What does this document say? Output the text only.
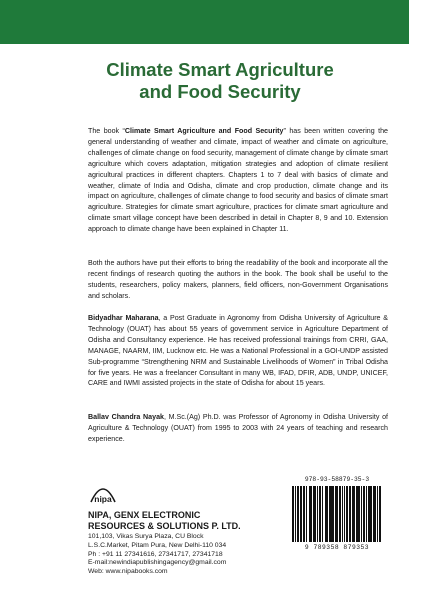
Climate Smart Agriculture
and Food Security

The book “Climate Smart Agriculture and Food Security” has been written covering the general understanding of weather and climate, impact of weather and climate on agriculture, challenges of climate change on food security, management of climate change by climate smart agriculture which covers adaptation, mitigation strategies and adoption of climate resilient agricultural practices in different chapters. Chapters 1 to 7 deal with basics of climate and weather, climate of India and Odisha, climate and crop production, climate change and its impact on agriculture, challenges of climate change to food security and basics of climate smart agriculture. Strategies for climate smart agriculture, practices for climate smart agriculture and climate smart village concept have been described in detail in Chapter 8, 9 and 10. Extension approach to climate change have been explained in Chapter 11.

Both the authors have put their efforts to bring the readability of the book and incorporate all the recent findings of research quoting the authors in the book. The book shall be useful to the students, researchers, policy makers, planners, field officers, non-Government Organisations and scholars.

Bidyadhar Maharana, a Post Graduate in Agronomy from Odisha University of Agriculture & Technology (OUAT) has about 55 years of government service in Agriculture Department of Odisha and Consultancy experience. He has received professional trainings from CRRI, GAA, MANAGE, NAARM, IIM, Lucknow etc. He was a National Professional in a GOI-UNDP assisted Sub-programme “Strengthening NRM and Sustainable Livelihoods of Women” in Tribal Odisha for five years. He was a freelancer Consultant in many WB, IFAD, DFIR, ADB, UNDP, UNICEF, CARE and IWMI assisted projects in the state of Odisha for about 15 years.

Ballav Chandra Nayak, M.Sc.(Ag) Ph.D. was Professor of Agronomy in Odisha University of Agriculture & Technology (OUAT) from 1995 to 2003 with 24 years of teaching and research experience.

nipa
NIPA, GENX ELECTRONIC
RESOURCES & SOLUTIONS P. LTD.
101,103, Vikas Surya Plaza, CU Block
L.S.C.Market, Pitam Pura, New Delhi-110 034
Ph : +91 11 27341616, 27341717, 27341718
E-mail:newindiapublishingagency@gmail.com
Web: www.nipabooks.com
978-93-58879-35-3
9 789358 879353
